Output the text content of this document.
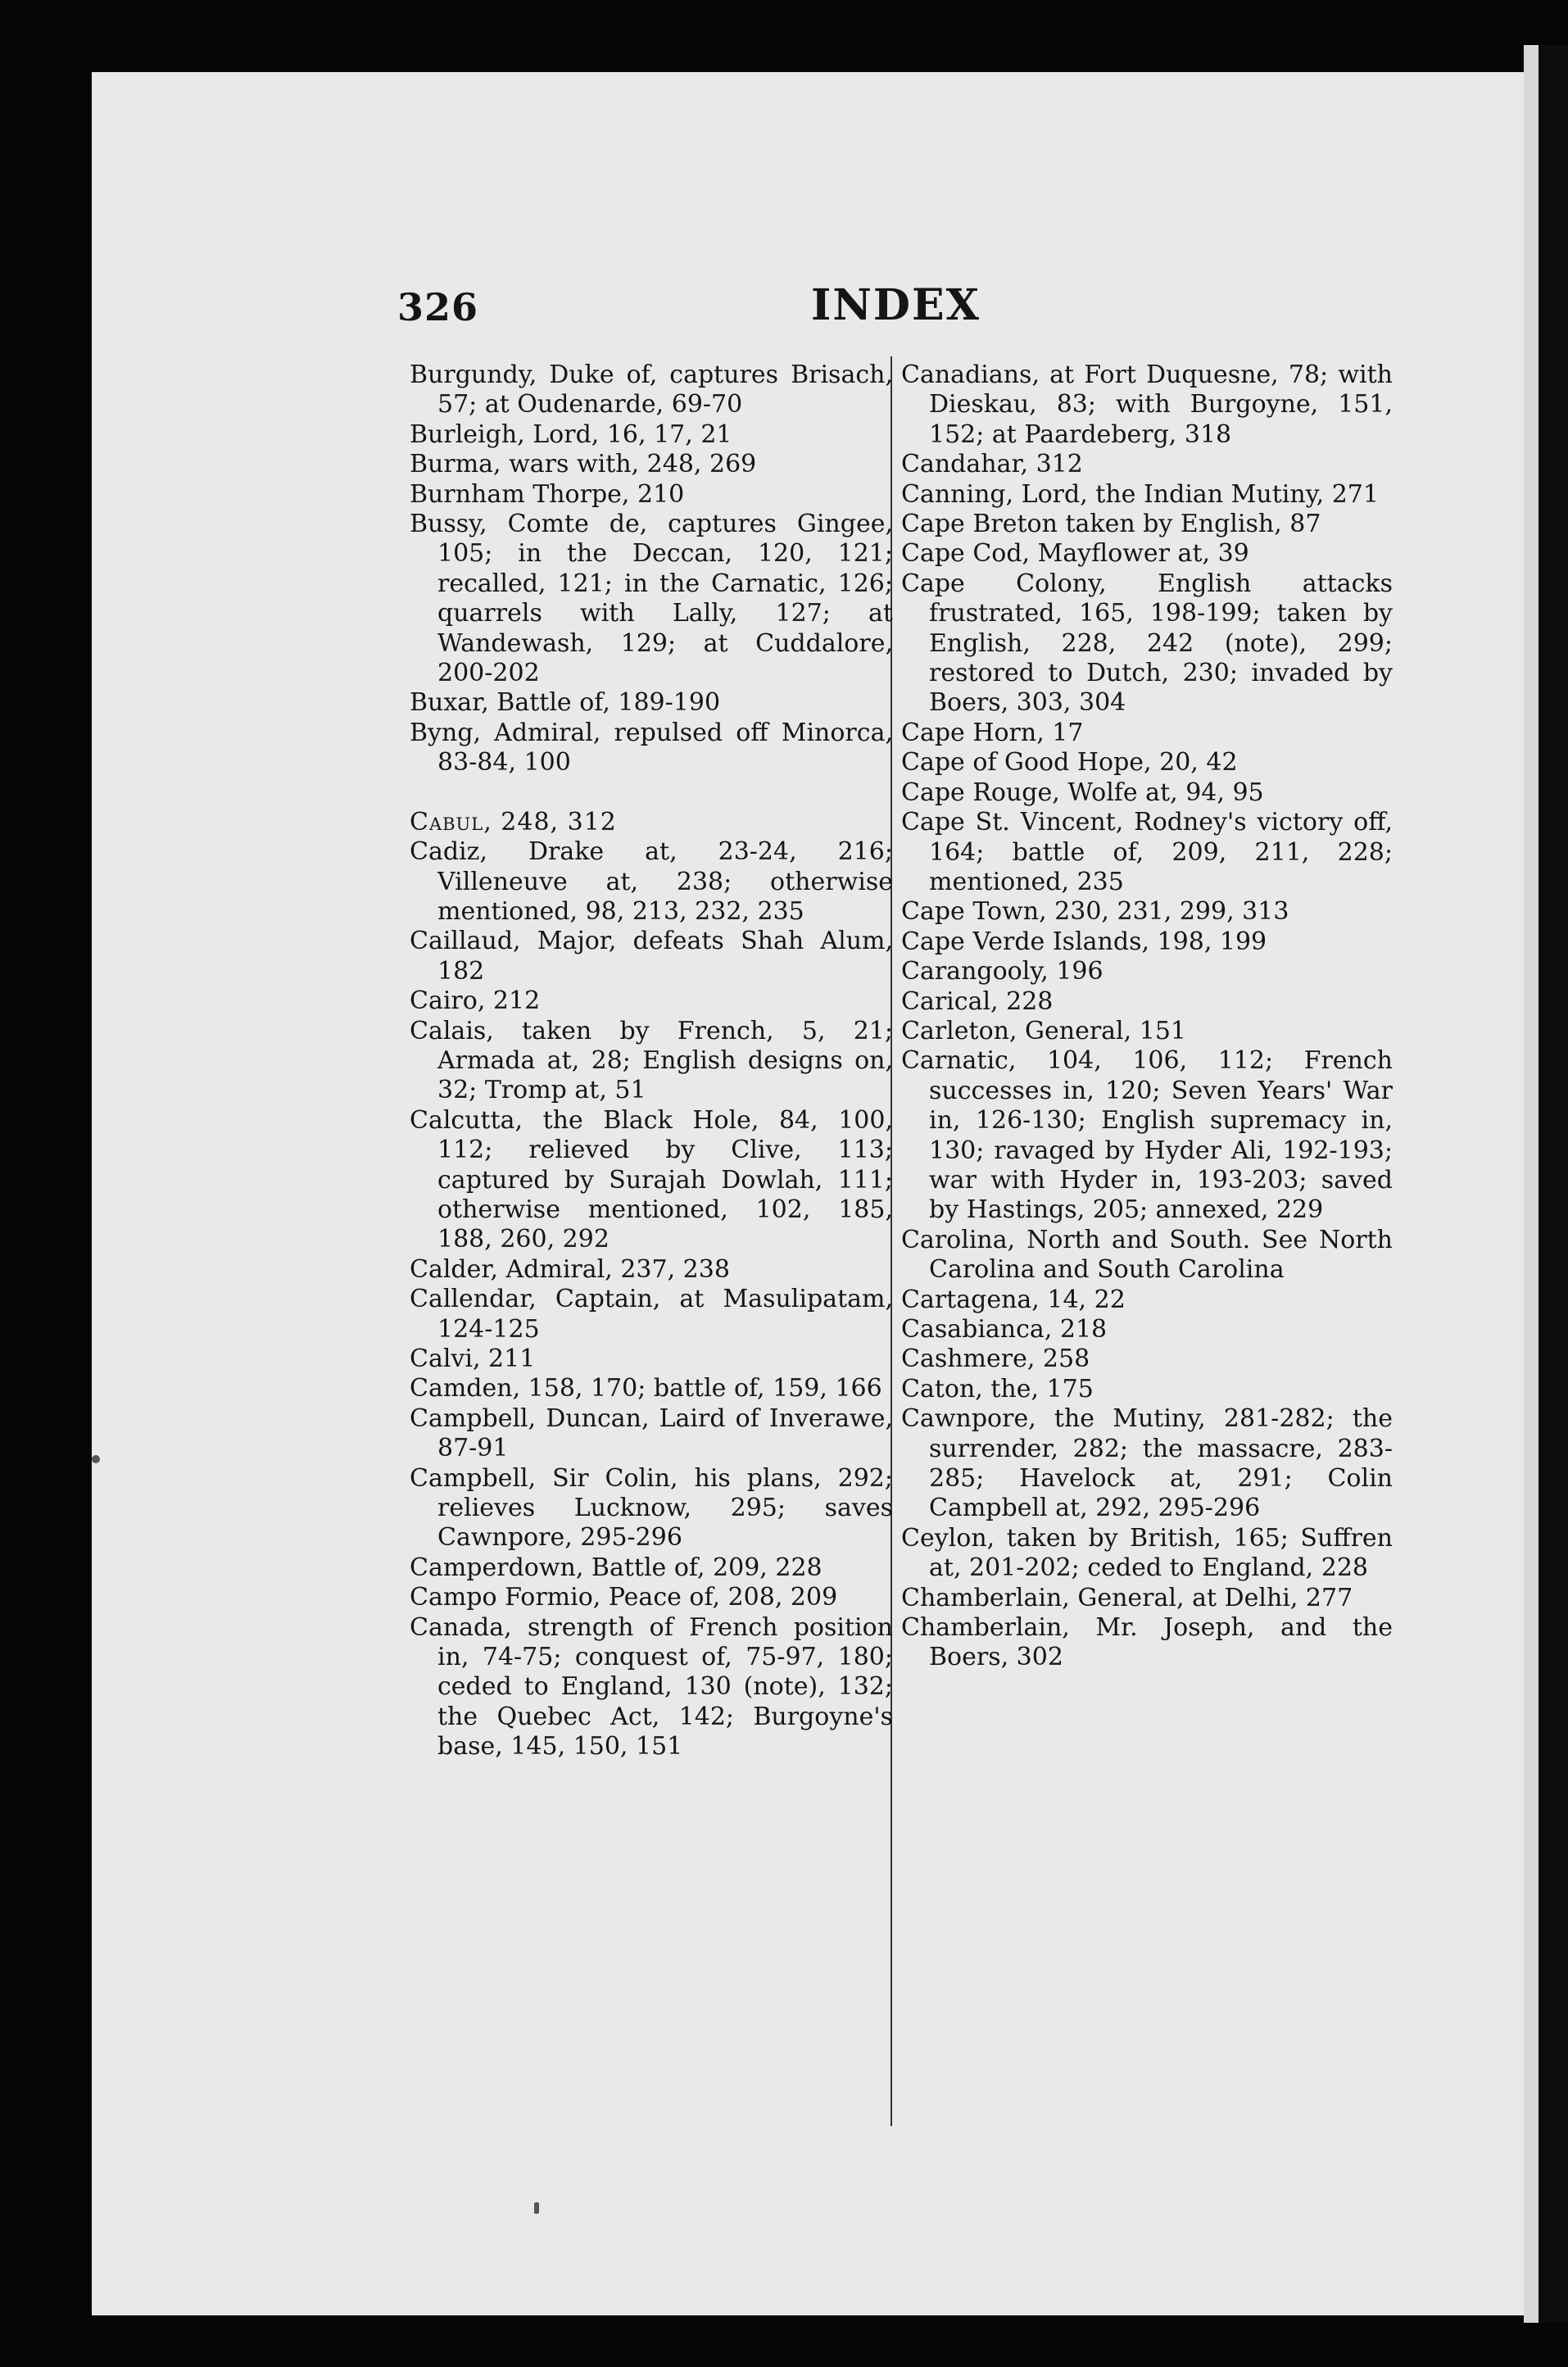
326	INDEX
Burgundy, Duke of, captures Brisach, 57; at Oudenarde, 69-70
Burleigh, Lord, 16, 17, 21
Burma, wars with, 248, 269
Burnham Thorpe, 210
Bussy, Comte de, captures Gingee, 105; in the Deccan, 120, 121; recalled, 121; in the Carnatic, 126; quarrels with Lally, 127; at Wandewash, 129; at Cuddalore, 200-202
Buxar, Battle of, 189-190
Byng, Admiral, repulsed off Minorca, 83-84, 100
Cabul, 248, 312
Cadiz, Drake at, 23-24, 216; Villeneuve at, 238; otherwise mentioned, 98, 213, 232, 235
Caillaud, Major, defeats Shah Alum, 182
Cairo, 212
Calais, taken by French, 5, 21; Armada at, 28; English designs on, 32; Tromp at, 51
Calcutta, the Black Hole, 84, 100, 112; relieved by Clive, 113; captured by Surajah Dowlah, 111; otherwise mentioned, 102, 185, 188, 260, 292
Calder, Admiral, 237, 238
Callendar, Captain, at Masulipatam, 124-125
Calvi, 211
Camden, 158, 170; battle of, 159, 166
Campbell, Duncan, Laird of Inverawe, 87-91
Campbell, Sir Colin, his plans, 292; relieves Lucknow, 295; saves Cawnpore, 295-296
Camperdown, Battle of, 209, 228
Campo Formio, Peace of, 208, 209
Canada, strength of French position in, 74-75; conquest of, 75-97, 180; ceded to England, 130 (note), 132; the Quebec Act, 142; Burgoyne's base, 145, 150, 151
Canadians, at Fort Duquesne, 78; with Dieskau, 83; with Burgoyne, 151, 152; at Paardeberg, 318
Candahar, 312
Canning, Lord, the Indian Mutiny, 271
Cape Breton taken by English, 87
Cape Cod, Mayflower at, 39
Cape Colony, English attacks frustrated, 165, 198-199; taken by English, 228, 242 (note), 299; restored to Dutch, 230; invaded by Boers, 303, 304
Cape Horn, 17
Cape of Good Hope, 20, 42
Cape Rouge, Wolfe at, 94, 95
Cape St. Vincent, Rodney's victory off, 164; battle of, 209, 211, 228; mentioned, 235
Cape Town, 230, 231, 299, 313
Cape Verde Islands, 198, 199
Carangooly, 196
Carical, 228
Carleton, General, 151
Carnatic, 104, 106, 112; French successes in, 120; Seven Years' War in, 126-130; English supremacy in, 130; ravaged by Hyder Ali, 192-193; war with Hyder in, 193-203; saved by Hastings, 205; annexed, 229
Carolina, North and South. See North Carolina and South Carolina
Cartagena, 14, 22
Casabianca, 218
Cashmere, 258
Caton, the, 175
Cawnpore, the Mutiny, 281-282; the surrender, 282; the massacre, 283-285; Havelock at, 291; Colin Campbell at, 292, 295-296
Ceylon, taken by British, 165; Suffren at, 201-202; ceded to England, 228
Chamberlain, General, at Delhi, 277
Chamberlain, Mr. Joseph, and the Boers, 302
